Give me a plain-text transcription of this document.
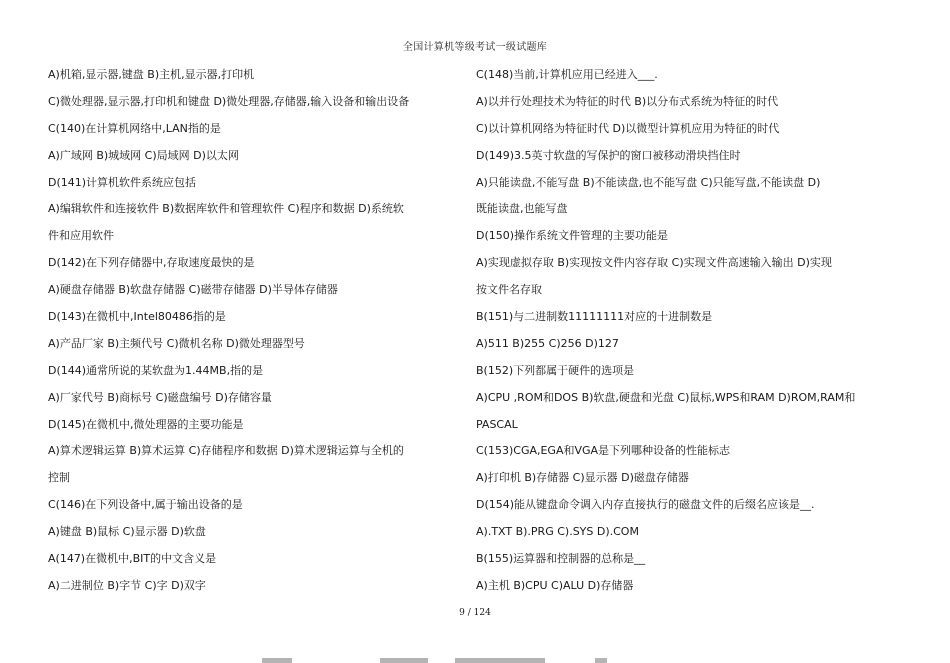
全国计算机等级考试一级试题库
A)机箱,显示器,键盘 B)主机,显示器,打印机
C)微处理器,显示器,打印机和键盘 D)微处理器,存储器,输入设备和输出设备
C(140)在计算机网络中,LAN指的是
A)广域网 B)城域网 C)局域网 D)以太网
D(141)计算机软件系统应包括
A)编辑软件和连接软件 B)数据库软件和管理软件 C)程序和数据 D)系统软
件和应用软件
D(142)在下列存储器中,存取速度最快的是
A)硬盘存储器 B)软盘存储器 C)磁带存储器 D)半导体存储器
D(143)在微机中,Intel80486指的是
A)产品厂家 B)主频代号 C)微机名称 D)微处理器型号
D(144)通常所说的某软盘为1.44MB,指的是
A)厂家代号 B)商标号 C)磁盘编号 D)存储容量
D(145)在微机中,微处理器的主要功能是
A)算术逻辑运算 B)算术运算 C)存储程序和数据 D)算术逻辑运算与全机的
控制
C(146)在下列设备中,属于输出设备的是
A)键盘 B)鼠标 C)显示器 D)软盘
A(147)在微机中,BIT的中文含义是
A)二进制位 B)字节 C)字 D)双字
C(148)当前,计算机应用已经进入___.
A)以并行处理技术为特征的时代 B)以分布式系统为特征的时代
C)以计算机网络为特征时代 D)以微型计算机应用为特征的时代
D(149)3.5英寸软盘的写保护的窗口被移动滑块挡住时
A)只能读盘,不能写盘 B)不能读盘,也不能写盘 C)只能写盘,不能读盘 D)
既能读盘,也能写盘
D(150)操作系统文件管理的主要功能是
A)实现虚拟存取 B)实现按文件内容存取 C)实现文件高速输入输出 D)实现
按文件名存取
B(151)与二进制数11111111对应的十进制数是
A)511 B)255 C)256 D)127
B(152)下列都属于硬件的选项是
A)CPU ,ROM和DOS B)软盘,硬盘和光盘 C)鼠标,WPS和RAM D)ROM,RAM和
PASCAL
C(153)CGA,EGA和VGA是下列哪种设备的性能标志
A)打印机 B)存储器 C)显示器 D)磁盘存储器
D(154)能从键盘命令调入内存直接执行的磁盘文件的后缀名应该是__.
A).TXT B).PRG C).SYS D).COM
B(155)运算器和控制器的总称是__
A)主机 B)CPU C)ALU D)存储器
9 / 124
